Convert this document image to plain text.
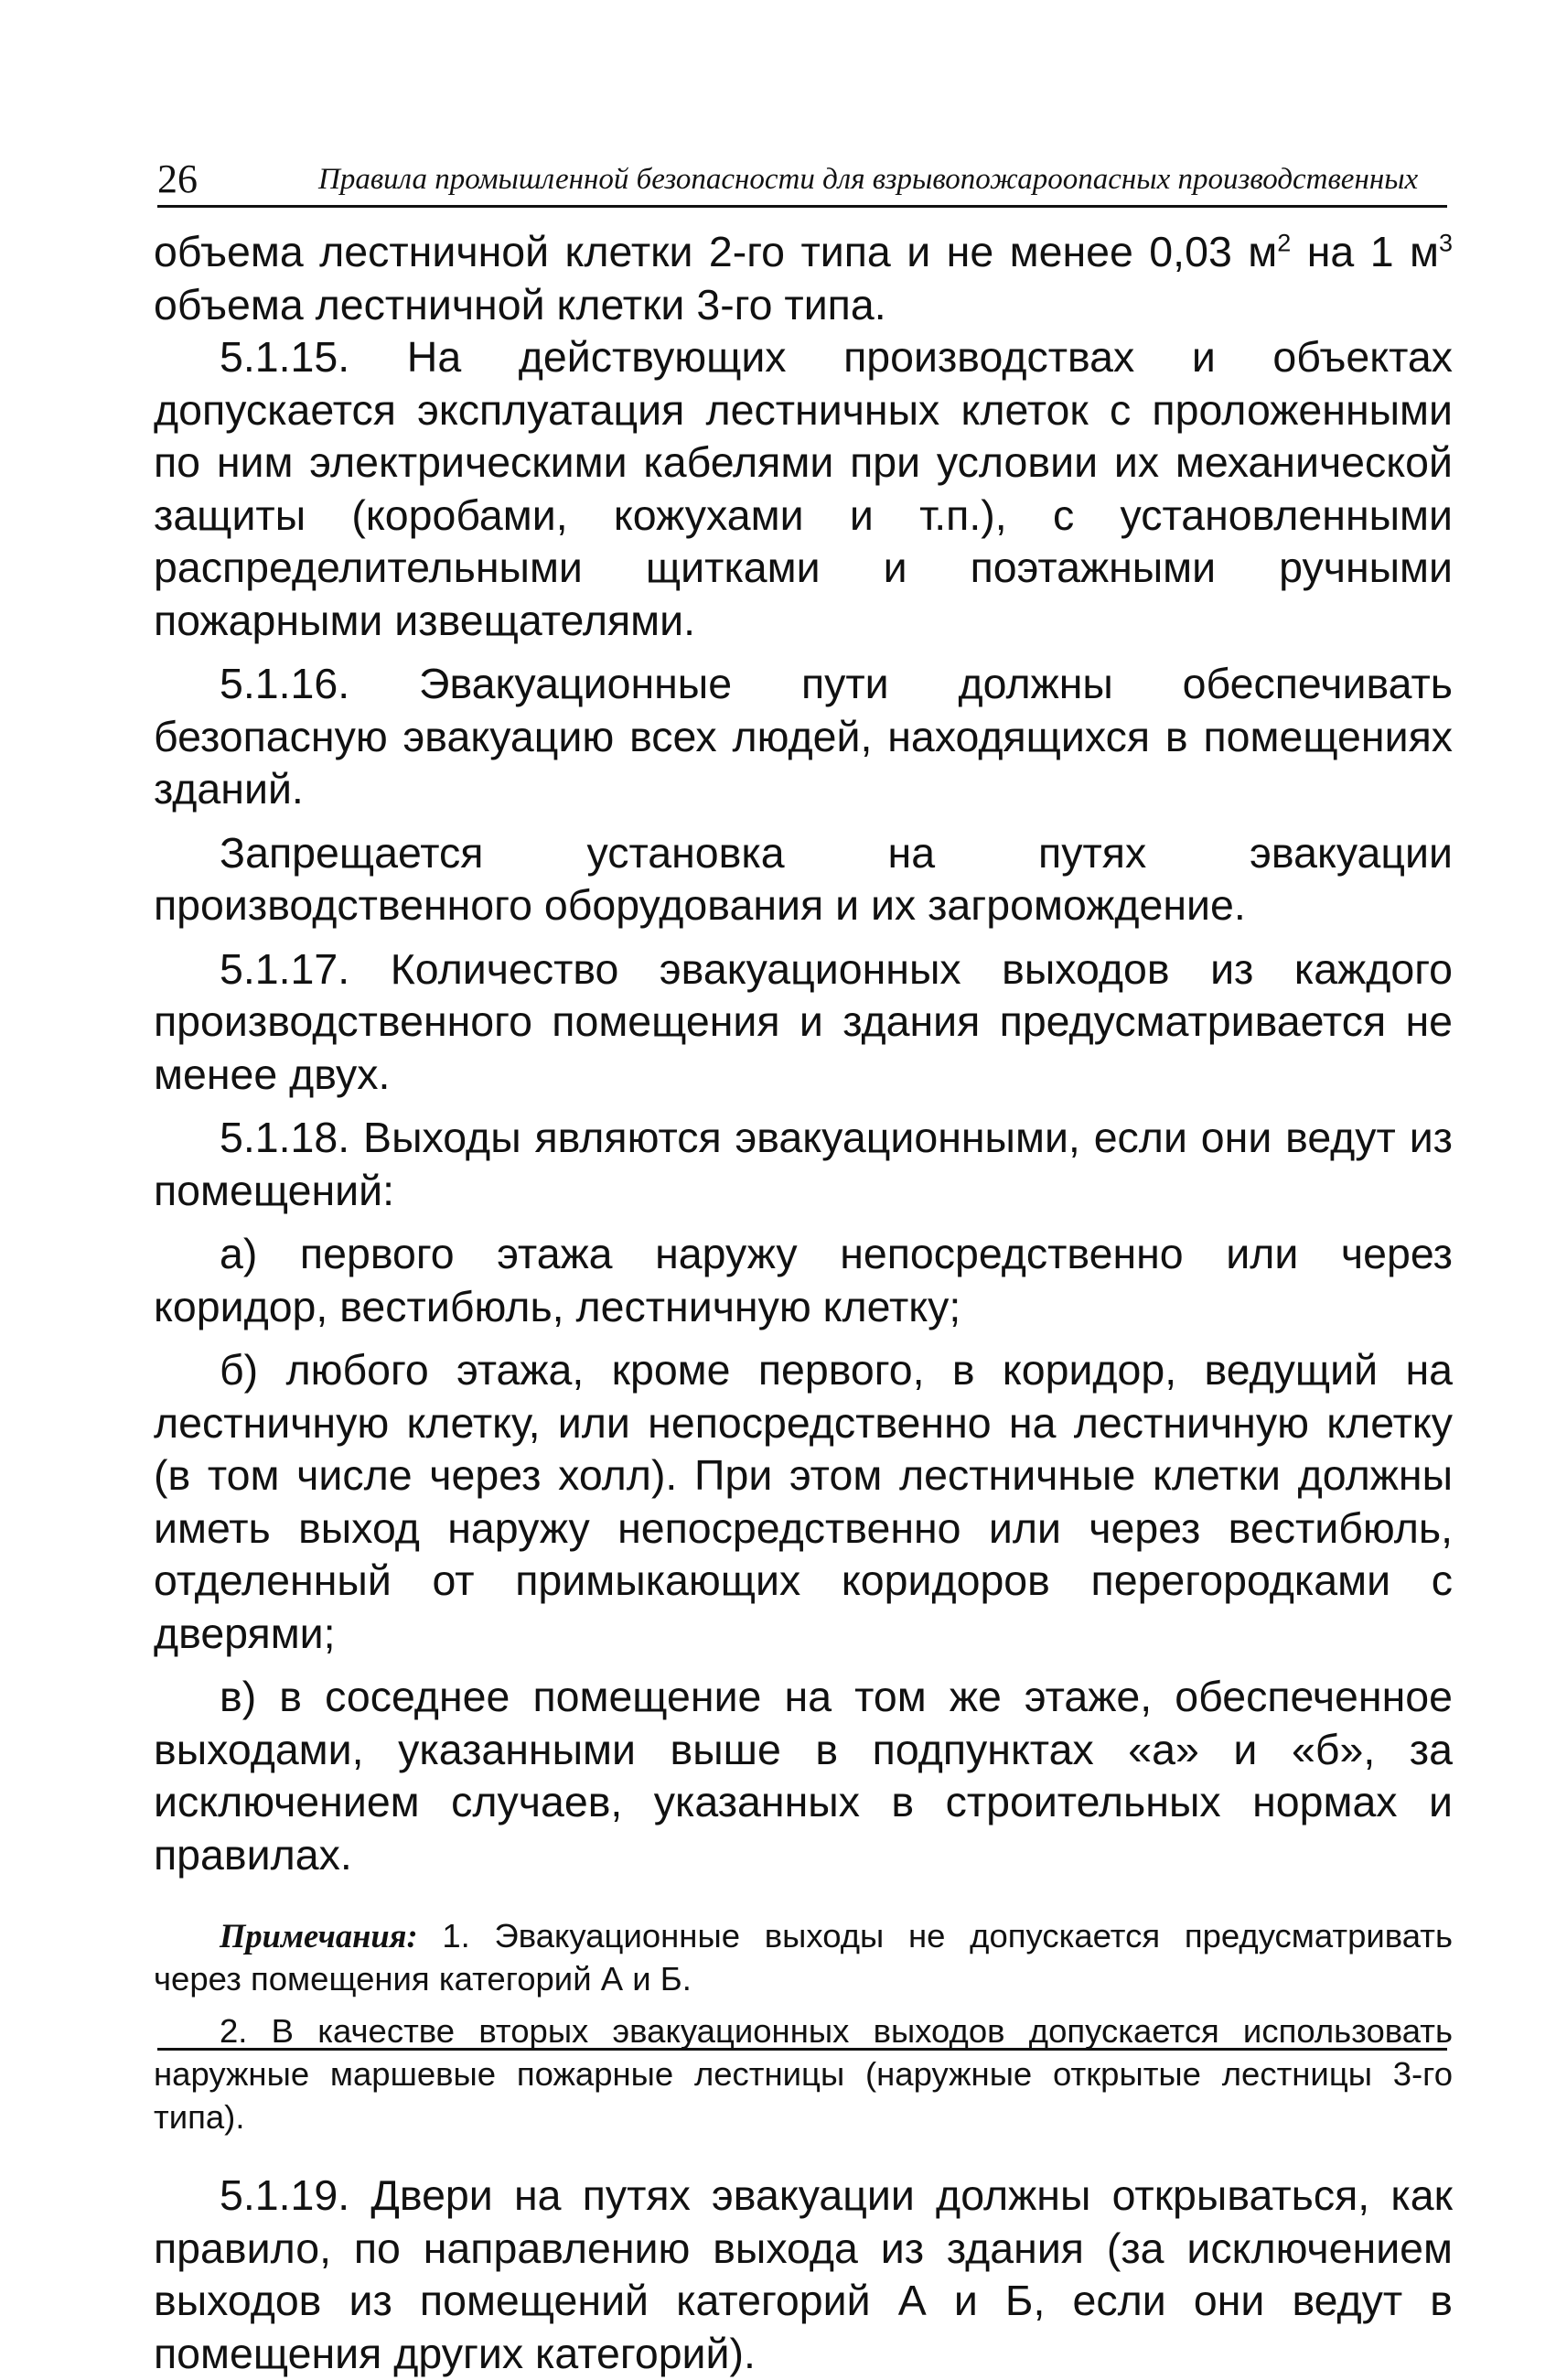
26	Правила промышленной безопасности для взрывопожароопасных производственных

объема лестничной клетки 2-го типа и не менее 0,03 $м^2$ на 1 $м^3$ объема лестничной клетки 3-го типа.

5.1.15. На действующих производствах и объектах допускается эксплуатация лестничных клеток с проложенными по ним электрическими кабелями при условии их механической защиты (коробами, кожухами и т.п.), с установленными распределительными щитками и поэтажными ручными пожарными извещателями.

5.1.16. Эвакуационные пути должны обеспечивать безопасную эвакуацию всех людей, находящихся в помещениях зданий.

Запрещается установка на путях эвакуации производственного оборудования и их загромождение.

5.1.17. Количество эвакуационных выходов из каждого производственного помещения и здания предусматривается не менее двух.

5.1.18. Выходы являются эвакуационными, если они ведут из помещений:

а) первого этажа наружу непосредственно или через коридор, вестибюль, лестничную клетку;

б) любого этажа, кроме первого, в коридор, ведущий на лестничную клетку, или непосредственно на лестничную клетку (в том числе через холл). При этом лестничные клетки должны иметь выход наружу непосредственно или через вестибюль, отделенный от примыкающих коридоров перегородками с дверями;

в) в соседнее помещение на том же этаже, обеспеченное выходами, указанными выше в подпунктах «а» и «б», за исключением случаев, указанных в строительных нормах и правилах.

Примечания: 1. Эвакуационные выходы не допускается предусматривать через помещения категорий А и Б.

2. В качестве вторых эвакуационных выходов допускается использовать наружные маршевые пожарные лестницы (наружные открытые лестницы 3-го типа).

5.1.19. Двери на путях эвакуации должны открываться, как правило, по направлению выхода из здания (за исключением выходов из помещений категорий А и Б, если они ведут в помещения других категорий).
